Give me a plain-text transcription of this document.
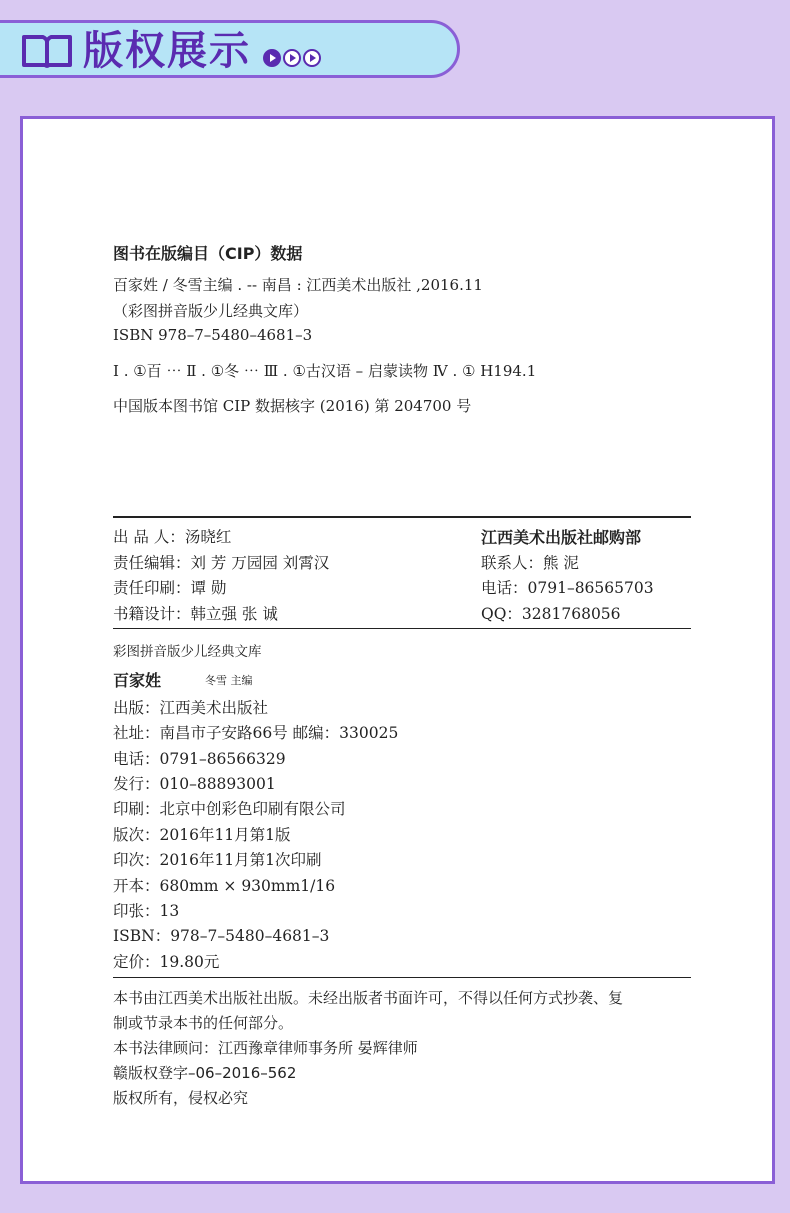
版权展示
图书在版编目（CIP）数据
百家姓 / 冬雪主编 . -- 南昌 : 江西美术出版社 ,2016.11
（彩图拼音版少儿经典文库）
ISBN 978–7–5480–4681–3
Ⅰ . ①百 ⋯ Ⅱ . ①冬 ⋯ Ⅲ . ①古汉语 – 启蒙读物 Ⅳ . ① H194.1
中国版本图书馆 CIP 数据核字 (2016) 第 204700 号
出 品 人：汤晓红
责任编辑：刘 芳 万园园 刘霄汉
责任印刷：谭 勋
书籍设计：韩立强 张 诚
江西美术出版社邮购部
联系人：熊 泥
电话：0791–86565703
QQ：3281768056
彩图拼音版少儿经典文库
百家姓	冬雪 主编
出版：江西美术出版社
社址：南昌市子安路66号 邮编：330025
电话：0791–86566329
发行：010–88893001
印刷：北京中创彩色印刷有限公司
版次：2016年11月第1版
印次：2016年11月第1次印刷
开本：680mm × 930mm1/16
印张：13
ISBN：978–7–5480–4681–3
定价：19.80元
本书由江西美术出版社出版。未经出版者书面许可，不得以任何方式抄袭、复
制或节录本书的任何部分。
本书法律顾问：江西豫章律师事务所 晏辉律师
赣版权登字–06–2016–562
版权所有，侵权必究
